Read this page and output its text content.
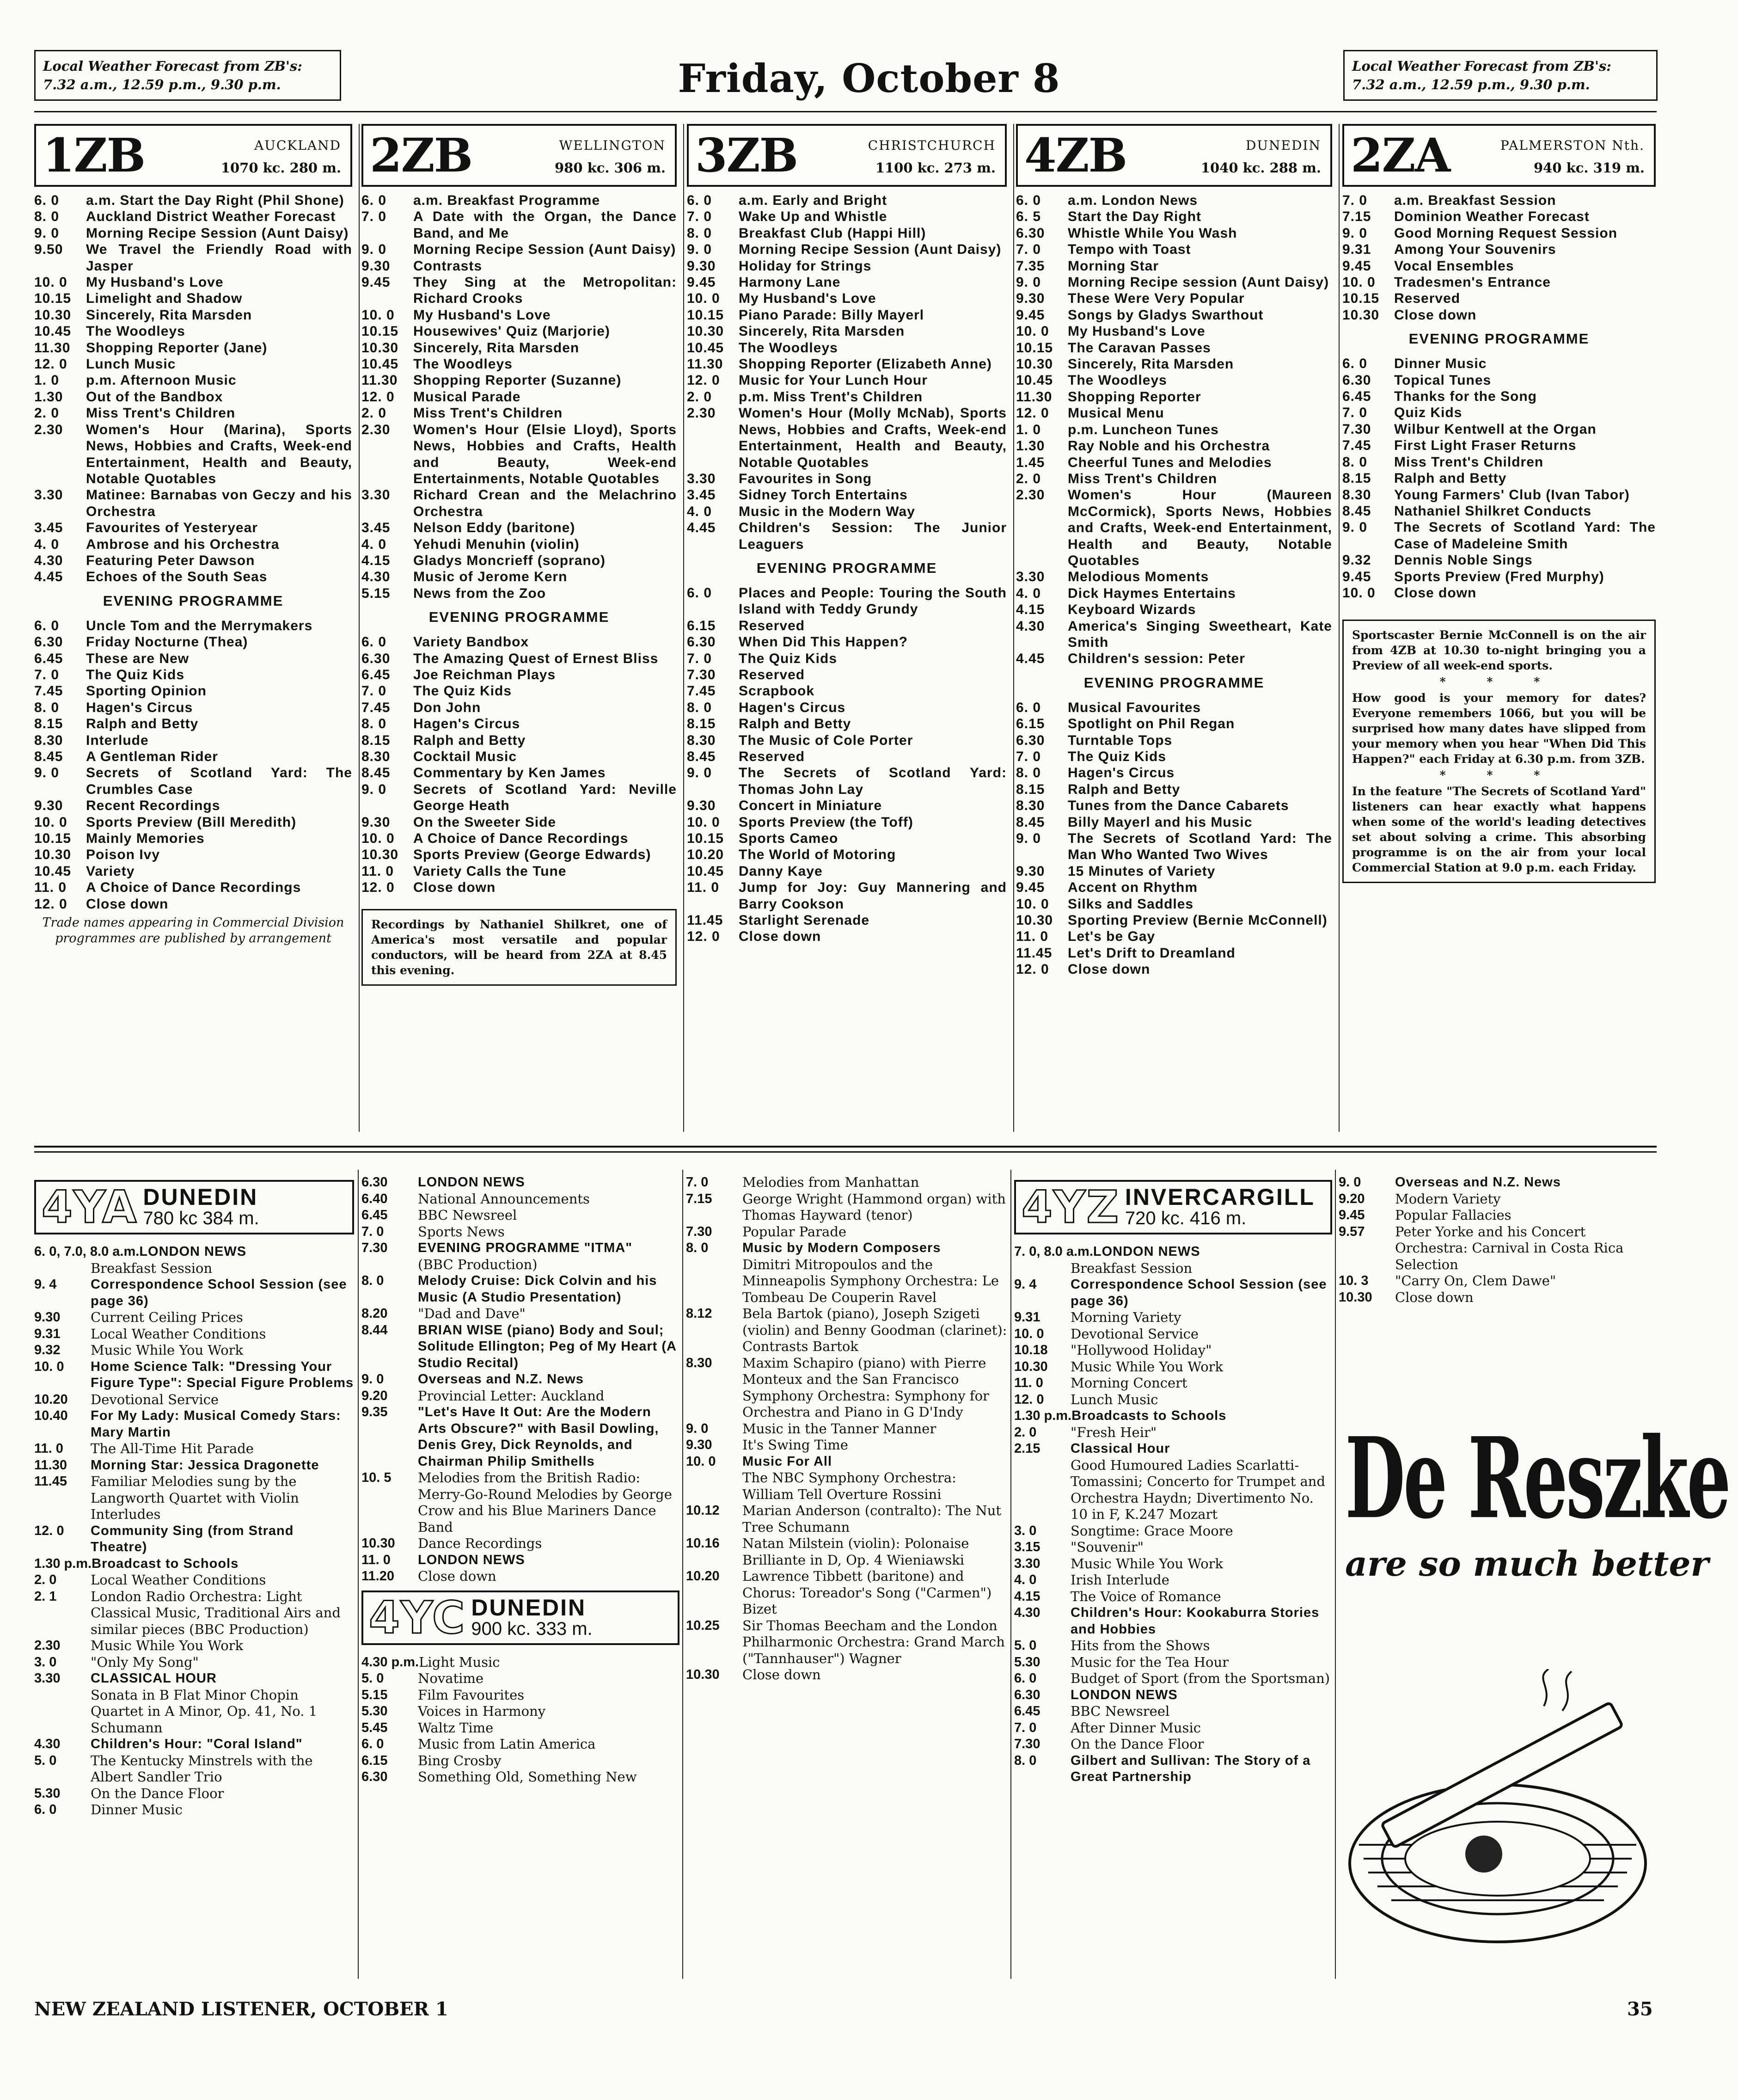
Local Weather Forecast from ZB's:
7.32 a.m., 12.59 p.m., 9.30 p.m.	Friday, October 8	Local Weather Forecast from ZB's:
7.32 a.m., 12.59 p.m., 9.30 p.m.
1ZB	AUCKLAND
1070 kc. 280 m.
6. 0	a.m. Start the Day Right (Phil Shone)
8. 0	Auckland District Weather Forecast
9. 0	Morning Recipe Session (Aunt Daisy)
9.50	We Travel the Friendly Road with Jasper
10. 0	My Husband's Love
10.15	Limelight and Shadow
10.30	Sincerely, Rita Marsden
10.45	The Woodleys
11.30	Shopping Reporter (Jane)
12. 0	Lunch Music
1. 0	p.m. Afternoon Music
1.30	Out of the Bandbox
2. 0	Miss Trent's Children
2.30	Women's Hour (Marina), Sports News, Hobbies and Crafts, Week-end Entertainment, Health and Beauty, Notable Quotables
3.30	Matinee: Barnabas von Geczy and his Orchestra
3.45	Favourites of Yesteryear
4. 0	Ambrose and his Orchestra
4.30	Featuring Peter Dawson
4.45	Echoes of the South Seas
EVENING PROGRAMME
6. 0	Uncle Tom and the Merrymakers
6.30	Friday Nocturne (Thea)
6.45	These are New
7. 0	The Quiz Kids
7.45	Sporting Opinion
8. 0	Hagen's Circus
8.15	Ralph and Betty
8.30	Interlude
8.45	A Gentleman Rider
9. 0	Secrets of Scotland Yard: The Crumbles Case
9.30	Recent Recordings
10. 0	Sports Preview (Bill Meredith)
10.15	Mainly Memories
10.30	Poison Ivy
10.45	Variety
11. 0	A Choice of Dance Recordings
12. 0	Close down
Trade names appearing in Commercial Division programmes are published by arrangement
2ZB	WELLINGTON
980 kc. 306 m.
6. 0	a.m. Breakfast Programme
7. 0	A Date with the Organ, the Dance Band, and Me
9. 0	Morning Recipe Session (Aunt Daisy)
9.30	Contrasts
9.45	They Sing at the Metropolitan: Richard Crooks
10. 0	My Husband's Love
10.15	Housewives' Quiz (Marjorie)
10.30	Sincerely, Rita Marsden
10.45	The Woodleys
11.30	Shopping Reporter (Suzanne)
12. 0	Musical Parade
2. 0	Miss Trent's Children
2.30	Women's Hour (Elsie Lloyd), Sports News, Hobbies and Crafts, Health and Beauty, Week-end Entertainments, Notable Quotables
3.30	Richard Crean and the Melachrino Orchestra
3.45	Nelson Eddy (baritone)
4. 0	Yehudi Menuhin (violin)
4.15	Gladys Moncrieff (soprano)
4.30	Music of Jerome Kern
5.15	News from the Zoo
EVENING PROGRAMME
6. 0	Variety Bandbox
6.30	The Amazing Quest of Ernest Bliss
6.45	Joe Reichman Plays
7. 0	The Quiz Kids
7.45	Don John
8. 0	Hagen's Circus
8.15	Ralph and Betty
8.30	Cocktail Music
8.45	Commentary by Ken James
9. 0	Secrets of Scotland Yard: Neville George Heath
9.30	On the Sweeter Side
10. 0	A Choice of Dance Recordings
10.30	Sports Preview (George Edwards)
11. 0	Variety Calls the Tune
12. 0	Close down
Recordings by Nathaniel Shilkret, one of America's most versatile and popular conductors, will be heard from 2ZA at 8.45 this evening.
3ZB	CHRISTCHURCH
1100 kc. 273 m.
6. 0	a.m. Early and Bright
7. 0	Wake Up and Whistle
8. 0	Breakfast Club (Happi Hill)
9. 0	Morning Recipe Session (Aunt Daisy)
9.30	Holiday for Strings
9.45	Harmony Lane
10. 0	My Husband's Love
10.15	Piano Parade: Billy Mayerl
10.30	Sincerely, Rita Marsden
10.45	The Woodleys
11.30	Shopping Reporter (Elizabeth Anne)
12. 0	Music for Your Lunch Hour
2. 0	p.m. Miss Trent's Children
2.30	Women's Hour (Molly McNab), Sports News, Hobbies and Crafts, Week-end Entertainment, Health and Beauty, Notable Quotables
3.30	Favourites in Song
3.45	Sidney Torch Entertains
4. 0	Music in the Modern Way
4.45	Children's Session: The Junior Leaguers
EVENING PROGRAMME
6. 0	Places and People: Touring the South Island with Teddy Grundy
6.15	Reserved
6.30	When Did This Happen?
7. 0	The Quiz Kids
7.30	Reserved
7.45	Scrapbook
8. 0	Hagen's Circus
8.15	Ralph and Betty
8.30	The Music of Cole Porter
8.45	Reserved
9. 0	The Secrets of Scotland Yard: Thomas John Lay
9.30	Concert in Miniature
10. 0	Sports Preview (the Toff)
10.15	Sports Cameo
10.20	The World of Motoring
10.45	Danny Kaye
11. 0	Jump for Joy: Guy Mannering and Barry Cookson
11.45	Starlight Serenade
12. 0	Close down
4ZB	DUNEDIN
1040 kc. 288 m.
6. 0	a.m. London News
6. 5	Start the Day Right
6.30	Whistle While You Wash
7. 0	Tempo with Toast
7.35	Morning Star
9. 0	Morning Recipe session (Aunt Daisy)
9.30	These Were Very Popular
9.45	Songs by Gladys Swarthout
10. 0	My Husband's Love
10.15	The Caravan Passes
10.30	Sincerely, Rita Marsden
10.45	The Woodleys
11.30	Shopping Reporter
12. 0	Musical Menu
1. 0	p.m. Luncheon Tunes
1.30	Ray Noble and his Orchestra
1.45	Cheerful Tunes and Melodies
2. 0	Miss Trent's Children
2.30	Women's Hour (Maureen McCormick), Sports News, Hobbies and Crafts, Week-end Entertainment, Health and Beauty, Notable Quotables
3.30	Melodious Moments
4. 0	Dick Haymes Entertains
4.15	Keyboard Wizards
4.30	America's Singing Sweetheart, Kate Smith
4.45	Children's session: Peter
EVENING PROGRAMME
6. 0	Musical Favourites
6.15	Spotlight on Phil Regan
6.30	Turntable Tops
7. 0	The Quiz Kids
8. 0	Hagen's Circus
8.15	Ralph and Betty
8.30	Tunes from the Dance Cabarets
8.45	Billy Mayerl and his Music
9. 0	The Secrets of Scotland Yard: The Man Who Wanted Two Wives
9.30	15 Minutes of Variety
9.45	Accent on Rhythm
10. 0	Silks and Saddles
10.30	Sporting Preview (Bernie McConnell)
11. 0	Let's be Gay
11.45	Let's Drift to Dreamland
12. 0	Close down
2ZA	PALMERSTON Nth.
940 kc. 319 m.
7. 0	a.m. Breakfast Session
7.15	Dominion Weather Forecast
9. 0	Good Morning Request Session
9.31	Among Your Souvenirs
9.45	Vocal Ensembles
10. 0	Tradesmen's Entrance
10.15	Reserved
10.30	Close down
EVENING PROGRAMME
6. 0	Dinner Music
6.30	Topical Tunes
6.45	Thanks for the Song
7. 0	Quiz Kids
7.30	Wilbur Kentwell at the Organ
7.45	First Light Fraser Returns
8. 0	Miss Trent's Children
8.15	Ralph and Betty
8.30	Young Farmers' Club (Ivan Tabor)
8.45	Nathaniel Shilkret Conducts
9. 0	The Secrets of Scotland Yard: The Case of Madeleine Smith
9.32	Dennis Noble Sings
9.45	Sports Preview (Fred Murphy)
10. 0	Close down

Sportscaster Bernie McConnell is on the air from 4ZB at 10.30 to-night bringing you a Preview of all week-end sports.

* * *

How good is your memory for dates? Everyone remembers 1066, but you will be surprised how many dates have slipped from your memory when you hear "When Did This Happen?" each Friday at 6.30 p.m. from 3ZB.

* * *

In the feature "The Secrets of Scotland Yard" listeners can hear exactly what happens when some of the world's leading detectives set about solving a crime. This absorbing programme is on the air from your local Commercial Station at 9.0 p.m. each Friday.

4YA DUNEDIN
780 kc 384 m.
6. 0, 7.0, 8.0 a.m. LONDON NEWS
Breakfast Session
9. 4	Correspondence School Session (see page 36)
9.30	Current Ceiling Prices
9.31	Local Weather Conditions
9.32	Music While You Work
10. 0	Home Science Talk: "Dressing Your Figure Type": Special Figure Problems
10.20	Devotional Service
10.40	For My Lady: Musical Comedy Stars: Mary Martin
11. 0	The All-Time Hit Parade
11.30	Morning Star: Jessica Dragonette
11.45	Familiar Melodies sung by the Langworth Quartet with Violin Interludes
12. 0	Community Sing (from Strand Theatre)
1.30 p.m. Broadcast to Schools
2. 0	Local Weather Conditions
2. 1	London Radio Orchestra: Light Classical Music, Traditional Airs and similar pieces (BBC Production)
2.30	Music While You Work
3. 0	"Only My Song"
3.30	CLASSICAL HOUR
Sonata in B Flat Minor Chopin
Quartet in A Minor, Op. 41, No. 1 Schumann
4.30	Children's Hour: "Coral Island"
5. 0	The Kentucky Minstrels with the Albert Sandler Trio
5.30	On the Dance Floor
6. 0	Dinner Music
6.30	LONDON NEWS
6.40	National Announcements
6.45	BBC Newsreel
7. 0	Sports News
7.30	EVENING PROGRAMME "ITMA"
(BBC Production)
8. 0	Melody Cruise: Dick Colvin and his Music (A Studio Presentation)
8.20	"Dad and Dave"
8.44	BRIAN WISE (piano) Body and Soul; Solitude Ellington; Peg of My Heart (A Studio Recital)
9. 0	Overseas and N.Z. News
9.20	Provincial Letter: Auckland
9.35	"Let's Have It Out: Are the Modern Arts Obscure?" with Basil Dowling, Denis Grey, Dick Reynolds, and Chairman Philip Smithells
10. 5	Melodies from the British Radio: Merry-Go-Round Melodies by George Crow and his Blue Mariners Dance Band
10.30	Dance Recordings
11. 0	LONDON NEWS
11.20	Close down
4YC DUNEDIN
900 kc. 333 m.
4.30 p.m. Light Music
5. 0	Novatime
5.15	Film Favourites
5.30	Voices in Harmony
5.45	Waltz Time
6. 0	Music from Latin America
6.15	Bing Crosby
6.30	Something Old, Something New
7. 0	Melodies from Manhattan
7.15	George Wright (Hammond organ) with Thomas Hayward (tenor)
7.30	Popular Parade
8. 0	Music by Modern Composers
Dimitri Mitropoulos and the Minneapolis Symphony Orchestra: Le Tombeau De Couperin Ravel
8.12	Bela Bartok (piano), Joseph Szigeti (violin) and Benny Goodman (clarinet): Contrasts Bartok
8.30	Maxim Schapiro (piano) with Pierre Monteux and the San Francisco Symphony Orchestra: Symphony for Orchestra and Piano in G D'Indy
9. 0	Music in the Tanner Manner
9.30	It's Swing Time
10. 0	Music For All
The NBC Symphony Orchestra: William Tell Overture Rossini
10.12	Marian Anderson (contralto): The Nut Tree Schumann
10.16	Natan Milstein (violin): Polonaise Brilliante in D, Op. 4 Wieniawski
10.20	Lawrence Tibbett (baritone) and Chorus: Toreador's Song ("Carmen") Bizet
10.25	Sir Thomas Beecham and the London Philharmonic Orchestra: Grand March ("Tannhauser") Wagner
10.30	Close down
4YZ INVERCARGILL
720 kc. 416 m.
7. 0, 8.0 a.m. LONDON NEWS
Breakfast Session
9. 4	Correspondence School Session (see page 36)
9.31	Morning Variety
10. 0	Devotional Service
10.18	"Hollywood Holiday"
10.30	Music While You Work
11. 0	Morning Concert
12. 0	Lunch Music
1.30 p.m. Broadcasts to Schools
2. 0	"Fresh Heir"
2.15	Classical Hour
Good Humoured Ladies Scarlatti-Tomassini; Concerto for Trumpet and Orchestra Haydn; Divertimento No. 10 in F, K.247 Mozart
3. 0	Songtime: Grace Moore
3.15	"Souvenir"
3.30	Music While You Work
4. 0	Irish Interlude
4.15	The Voice of Romance
4.30	Children's Hour: Kookaburra Stories and Hobbies
5. 0	Hits from the Shows
5.30	Music for the Tea Hour
6. 0	Budget of Sport (from the Sportsman)
6.30	LONDON NEWS
6.45	BBC Newsreel
7. 0	After Dinner Music
7.30	On the Dance Floor
8. 0	Gilbert and Sullivan: The Story of a Great Partnership
9. 0	Overseas and N.Z. News
9.20	Modern Variety
9.45	Popular Fallacies
9.57	Peter Yorke and his Concert Orchestra: Carnival in Costa Rica Selection
10. 3	"Carry On, Clem Dawe"
10.30	Close down
De Reszke
are so much better
NEW ZEALAND LISTENER, OCTOBER 1	35
